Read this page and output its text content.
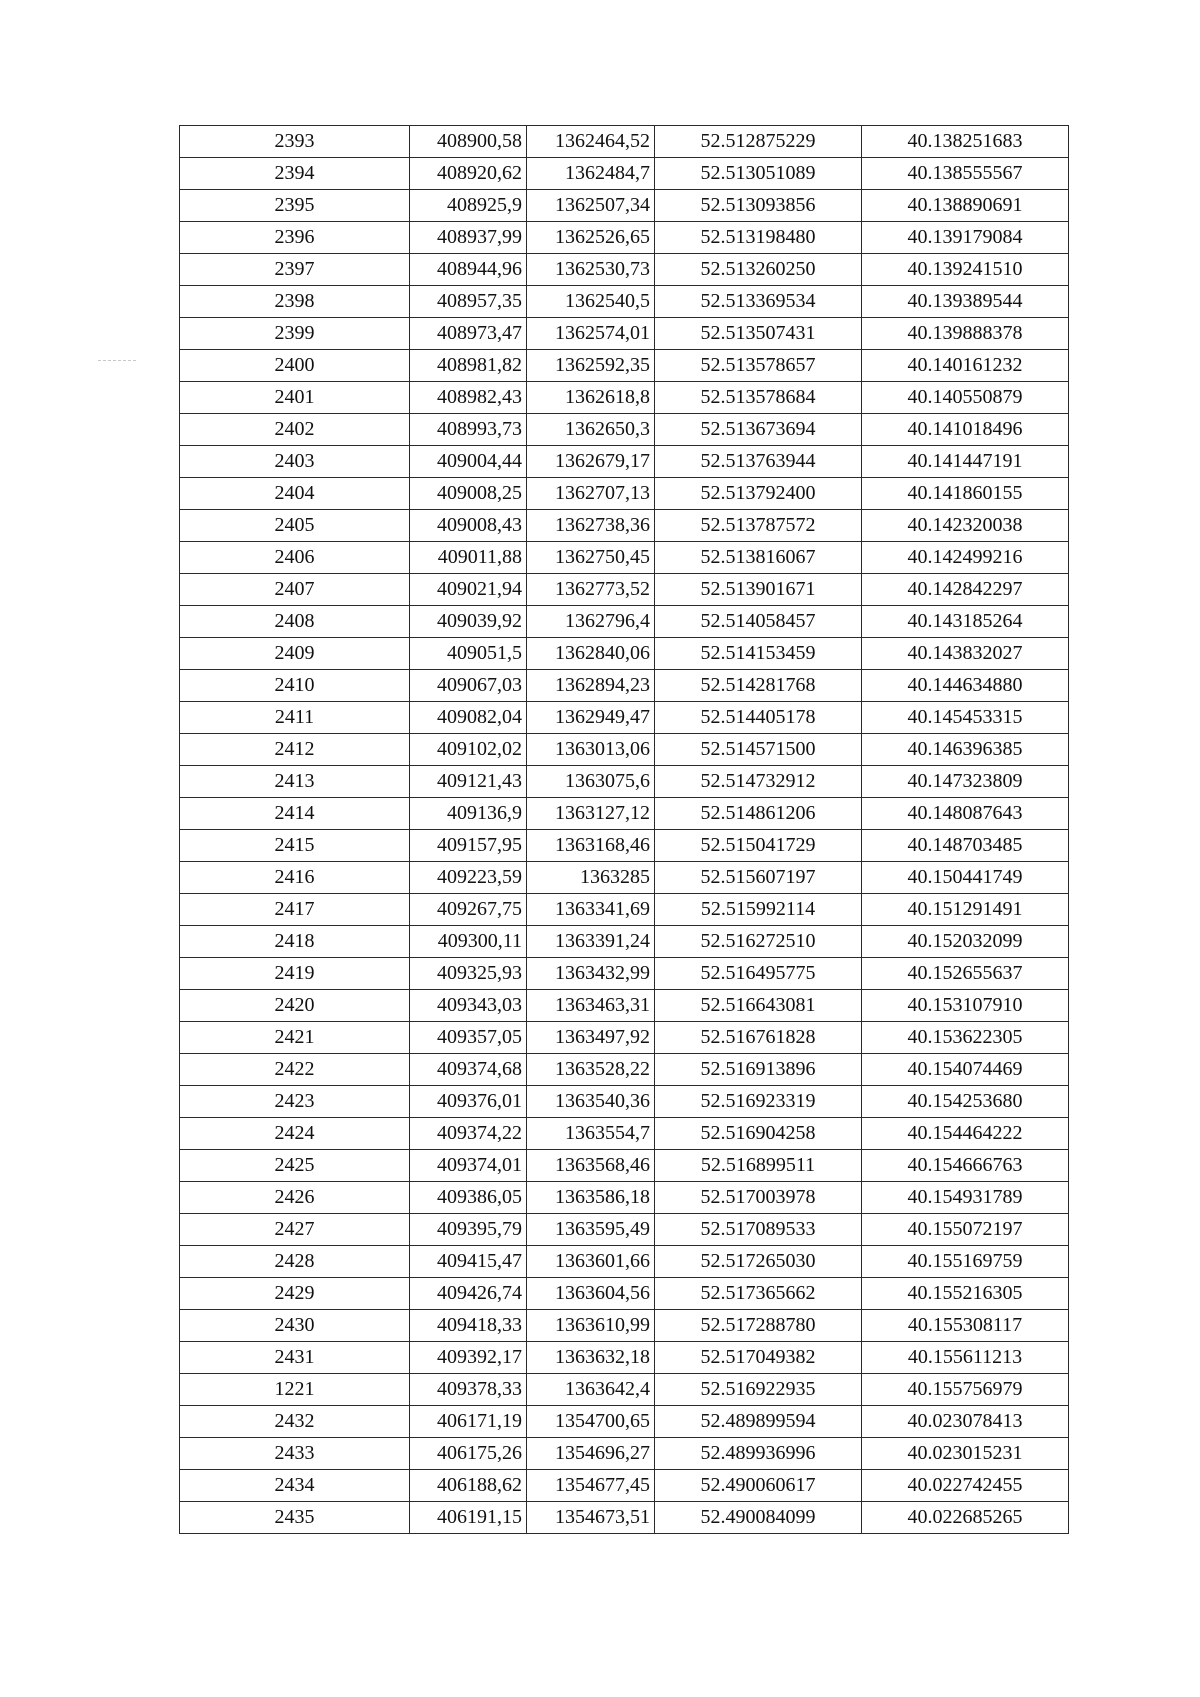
2393	408900,58	1362464,52	52.512875229	40.138251683
2394	408920,62	1362484,7	52.513051089	40.138555567
2395	408925,9	1362507,34	52.513093856	40.138890691
2396	408937,99	1362526,65	52.513198480	40.139179084
2397	408944,96	1362530,73	52.513260250	40.139241510
2398	408957,35	1362540,5	52.513369534	40.139389544
2399	408973,47	1362574,01	52.513507431	40.139888378
2400	408981,82	1362592,35	52.513578657	40.140161232
2401	408982,43	1362618,8	52.513578684	40.140550879
2402	408993,73	1362650,3	52.513673694	40.141018496
2403	409004,44	1362679,17	52.513763944	40.141447191
2404	409008,25	1362707,13	52.513792400	40.141860155
2405	409008,43	1362738,36	52.513787572	40.142320038
2406	409011,88	1362750,45	52.513816067	40.142499216
2407	409021,94	1362773,52	52.513901671	40.142842297
2408	409039,92	1362796,4	52.514058457	40.143185264
2409	409051,5	1362840,06	52.514153459	40.143832027
2410	409067,03	1362894,23	52.514281768	40.144634880
2411	409082,04	1362949,47	52.514405178	40.145453315
2412	409102,02	1363013,06	52.514571500	40.146396385
2413	409121,43	1363075,6	52.514732912	40.147323809
2414	409136,9	1363127,12	52.514861206	40.148087643
2415	409157,95	1363168,46	52.515041729	40.148703485
2416	409223,59	1363285	52.515607197	40.150441749
2417	409267,75	1363341,69	52.515992114	40.151291491
2418	409300,11	1363391,24	52.516272510	40.152032099
2419	409325,93	1363432,99	52.516495775	40.152655637
2420	409343,03	1363463,31	52.516643081	40.153107910
2421	409357,05	1363497,92	52.516761828	40.153622305
2422	409374,68	1363528,22	52.516913896	40.154074469
2423	409376,01	1363540,36	52.516923319	40.154253680
2424	409374,22	1363554,7	52.516904258	40.154464222
2425	409374,01	1363568,46	52.516899511	40.154666763
2426	409386,05	1363586,18	52.517003978	40.154931789
2427	409395,79	1363595,49	52.517089533	40.155072197
2428	409415,47	1363601,66	52.517265030	40.155169759
2429	409426,74	1363604,56	52.517365662	40.155216305
2430	409418,33	1363610,99	52.517288780	40.155308117
2431	409392,17	1363632,18	52.517049382	40.155611213
1221	409378,33	1363642,4	52.516922935	40.155756979
2432	406171,19	1354700,65	52.489899594	40.023078413
2433	406175,26	1354696,27	52.489936996	40.023015231
2434	406188,62	1354677,45	52.490060617	40.022742455
2435	406191,15	1354673,51	52.490084099	40.022685265
